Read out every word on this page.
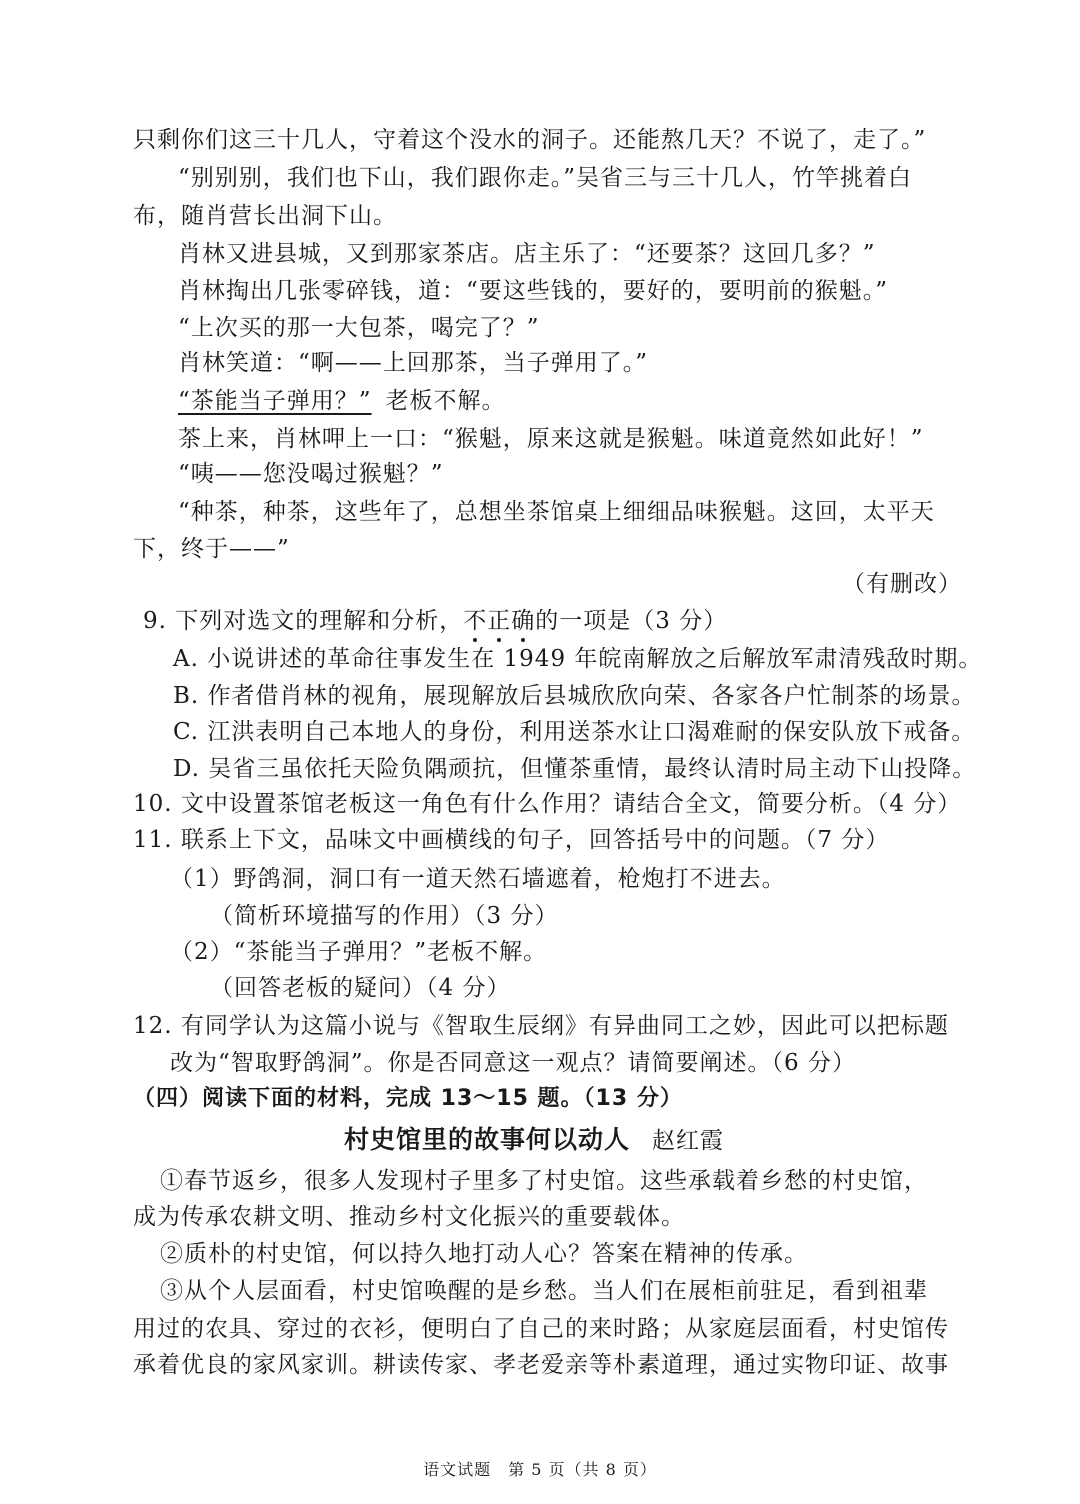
只剩你们这三十几人，守着这个没水的洞子。还能熬几天？不说了，走了。”
“别别别，我们也下山，我们跟你走。”吴省三与三十几人，竹竿挑着白
布，随肖营长出洞下山。
肖林又进县城，又到那家茶店。店主乐了：“还要茶？这回几多？”
肖林掏出几张零碎钱，道：“要这些钱的，要好的，要明前的猴魁。”
“上次买的那一大包茶，喝完了？”
肖林笑道：“啊——上回那茶，当子弹用了。”
“茶能当子弹用？” 老板不解。
茶上来，肖林呷上一口：“猴魁，原来这就是猴魁。味道竟然如此好！”
“咦——您没喝过猴魁？”
“种茶，种茶，这些年了，总想坐茶馆桌上细细品味猴魁。这回，太平天
下，终于——”
（有删改）
9. 下列对选文的理解和分析，不正确的一项是（3 分）
A. 小说讲述的革命往事发生在 1949 年皖南解放之后解放军肃清残敌时期。
B. 作者借肖林的视角，展现解放后县城欣欣向荣、各家各户忙制茶的场景。
C. 江洪表明自己本地人的身份，利用送茶水让口渴难耐的保安队放下戒备。
D. 吴省三虽依托天险负隅顽抗，但懂茶重情，最终认清时局主动下山投降。
10. 文中设置茶馆老板这一角色有什么作用？请结合全文，简要分析。（4 分）
11. 联系上下文，品味文中画横线的句子，回答括号中的问题。（7 分）
（1）野鸽洞，洞口有一道天然石墙遮着，枪炮打不进去。
（简析环境描写的作用）（3 分）
（2）“茶能当子弹用？”老板不解。
（回答老板的疑问）（4 分）
12. 有同学认为这篇小说与《智取生辰纲》有异曲同工之妙，因此可以把标题
改为“智取野鸽洞”。你是否同意这一观点？请简要阐述。（6 分）
（四）阅读下面的材料，完成 13～15 题。（13 分）
村史馆里的故事何以动人 赵红霞
①春节返乡，很多人发现村子里多了村史馆。这些承载着乡愁的村史馆，
成为传承农耕文明、推动乡村文化振兴的重要载体。
②质朴的村史馆，何以持久地打动人心？答案在精神的传承。
③从个人层面看，村史馆唤醒的是乡愁。当人们在展柜前驻足，看到祖辈
用过的农具、穿过的衣衫，便明白了自己的来时路；从家庭层面看，村史馆传
承着优良的家风家训。耕读传家、孝老爱亲等朴素道理，通过实物印证、故事
语文试题　第 5 页（共 8 页）
